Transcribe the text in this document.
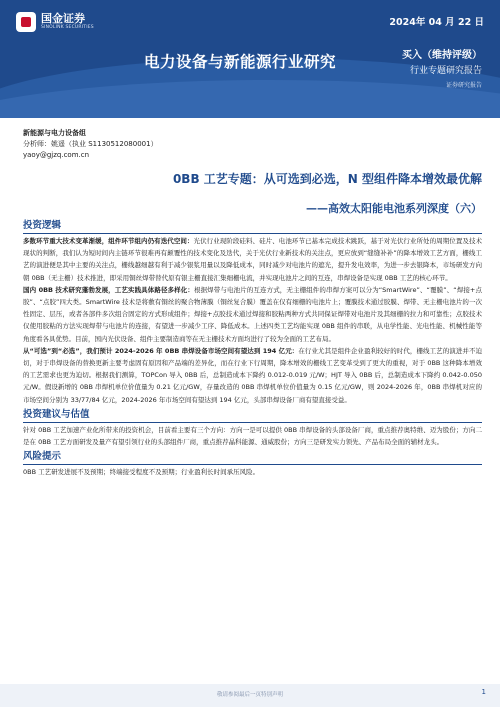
国金证券
SINOLINK SECURITIES	2024年 04 月 22 日
电力设备与新能源行业研究	买入（维持评级）
行业专题研究报告
证券研究报告
新能源与电力设备组
分析师：姚遥（执业 S1130512080001）
yaoy@gjzq.com.cn
0BB 工艺专题：从可选到必选，N 型组件降本增效最优解
——高效太阳能电池系列深度（六）
投资逻辑
多数环节重大技术变革渐缓，组件环节组内仍有迭代空间：光伏行业现阶段硅料、硅片、电池环节已基本完成技术跳跃，基于对光伏行业所处的周期位置及技术现状的判断，我们认为短时间内主链环节很难再有颠覆性的技术变化及迭代，关于光伏行业新技术的关注点，更应放到“缝缝补补”的降本增效工艺方面，栅线工艺的演进便是其中主要的关注点，栅线越细越有利于减少银浆用量以及降低成本，同时减少对电池片的遮光，提升发电效率，为进一步去银降本，市场研发方向朝 0BB（无主栅）技术推进，即采用铜丝焊带替代原有银主栅直接汇集细栅电流，并实现电池片之间的互连，串焊设备是实现 0BB 工艺的核心环节。
国内 0BB 技术研究蓬勃发展，工艺实践具体路径多样化：根据焊带与电池片的互连方式，无主栅组件的串焊方案可以分为“SmartWire”、“覆膜”、“焊接+点胶”、“点胶”四大类。SmartWire 技术是将敷有铜丝的聚合物薄膜（铜丝复合膜）覆盖在仅有细栅的电池片上；覆膜技术通过胶膜、焊带、无主栅电池片的一次性固定、层压，或者各部件多次组合固定的方式形成组件；焊接+点胶技术通过焊接和胶粘两种方式共同保证焊带对电池片及其细栅的拉力和可靠性；点胶技术仅使用胶粘的方法实现焊带与电池片的连接，有望进一步减少工序、降低成本。上述四类工艺均能实现 0BB 组件的串联，从电学性能、光电性能、机械性能等角度看各具优势。目前，国内光伏设备、组件主要制造商等在无主栅技术方面均进行了较为全面的工艺布局。
从“可选”到“必选”，我们预计 2024-2026 年 0BB 串焊设备市场空间有望达到 194 亿元：在行业尤其是组件企业盈利较好的时代，栅线工艺的演进并不迫切，对于串焊设备的替换更新主要考虑固有原因和产品端的差异化，而在行业下行周期，降本增效的栅线工艺变革受到了更大的重视，对于 0BB 这种降本增效的工艺需求也更为迫切。根据我们测算，TOPCon 导入 0BB 后，总制造成本下降约 0.012-0.019 元/W；HJT 导入 0BB 后，总制造成本下降约 0.042-0.050 元/W。假设新增的 0BB 串焊机单位价值量为 0.21 亿元/GW，存量改造的 0BB 串焊机单位价值量为 0.15 亿元/GW，则 2024-2026 年，0BB 串焊机对应的市场空间分别为 33/77/84 亿元，2024-2026 年市场空间有望达到 194 亿元，头部串焊设备厂商有望直接受益。
投资建议与估值
针对 0BB 工艺加速产业化所带来的投资机会，目前看主要有三个方向：方向一是可以提供 0BB 串焊设备的头部设备厂商，重点推荐奥特维、迈为股份；方向二是在 0BB 工艺方面研发及量产有望引领行业的头部组件厂商，重点推荐晶科能源、通威股份；方向三是研发实力领先、产品布局全面的辅材龙头。
风险提示
0BB 工艺研发进展不及预期；终端接受程度不及预期；行业盈利长时间承压风险。
敬请参阅最后一页特别声明	1
